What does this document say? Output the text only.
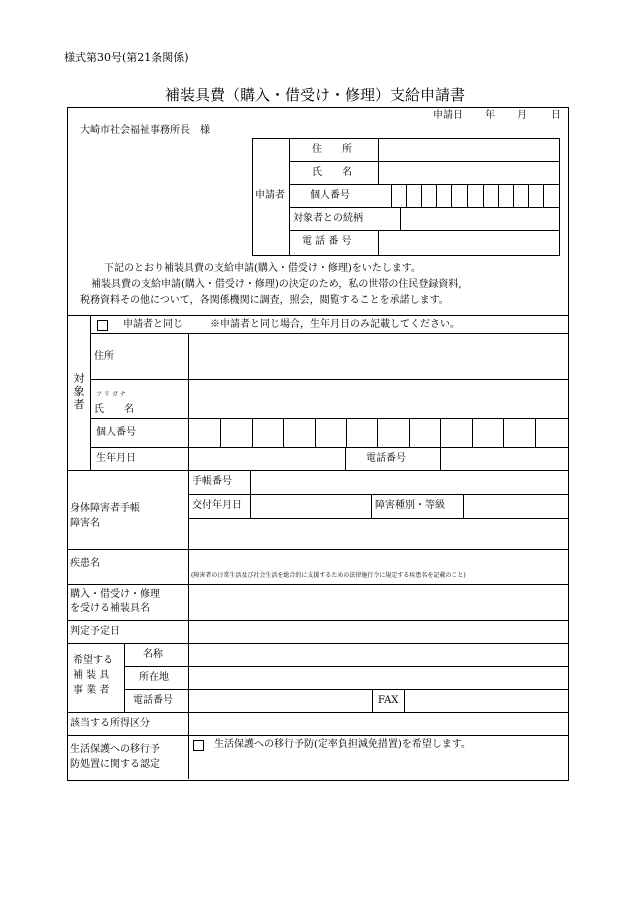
様式第30号(第21条関係)
補装具費（購入・借受け・修理）支給申請書
申請日 年 月 日
大崎市社会福祉事務所長　様
申請者
住　　所
氏　　名
個人番号
対象者との続柄
電 話 番 号
下記のとおり補装具費の支給申請(購入・借受け・修理)をいたします。
補装具費の支給申請(購入・借受け・修理)の決定のため，私の世帯の住民登録資料,
税務資料その他について，各関係機関に調査，照会，閲覧することを承諾します。
申請者と同じ	※申請者と同じ場合，生年月日のみ記載してください。
住所
フ リ ガ ナ
氏　　名
個人番号
生年月日	電話番号
対象者
手帳番号
交付年月日	障害種別・等級
身体障害者手帳
障害名
疾患名
(障害者の日常生活及び社会生活を総合的に支援するための法律施行令に規定する疾患名を記載のこと)
購入・借受け・修理
を受ける補装具名
判定予定日
希望する
補 装 具
事 業 者
名称
所在地
電話番号	FAX
該当する所得区分
生活保護への移行予
防処置に関する認定
生活保護への移行予防(定率負担減免措置)を希望します。
